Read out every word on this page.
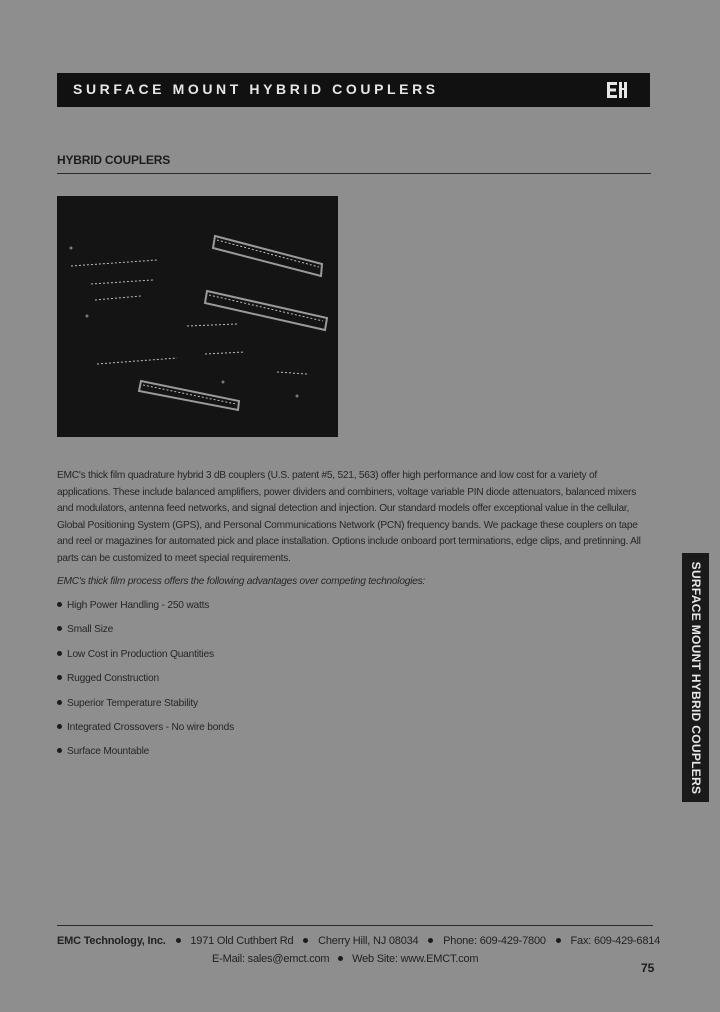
SURFACE MOUNT HYBRID COUPLERS
HYBRID COUPLERS
EMC's thick film quadrature hybrid 3 dB couplers (U.S. patent #5, 521, 563) offer high performance and low cost for a variety of applications. These include balanced amplifiers, power dividers and combiners, voltage variable PIN diode attenuators, balanced mixers and modulators, antenna feed networks, and signal detection and injection. Our standard models offer exceptional value in the cellular, Global Positioning System (GPS), and Personal Communications Network (PCN) frequency bands. We package these couplers on tape and reel or magazines for automated pick and place installation. Options include onboard port terminations, edge clips, and pretinning. All parts can be customized to meet special requirements.
EMC's thick film process offers the following advantages over competing technologies:
High Power Handling - 250 watts
Small Size
Low Cost in Production Quantities
Rugged Construction
Superior Temperature Stability
Integrated Crossovers - No wire bonds
Surface Mountable	SURFACE MOUNT HYBRID COUPLERS
EMC Technology, Inc. 1971 Old Cuthbert Rd Cherry Hill, NJ 08034 Phone: 609-429-7800 Fax: 609-429-6814
E-Mail: sales@emct.com Web Site: www.EMCT.com
75
